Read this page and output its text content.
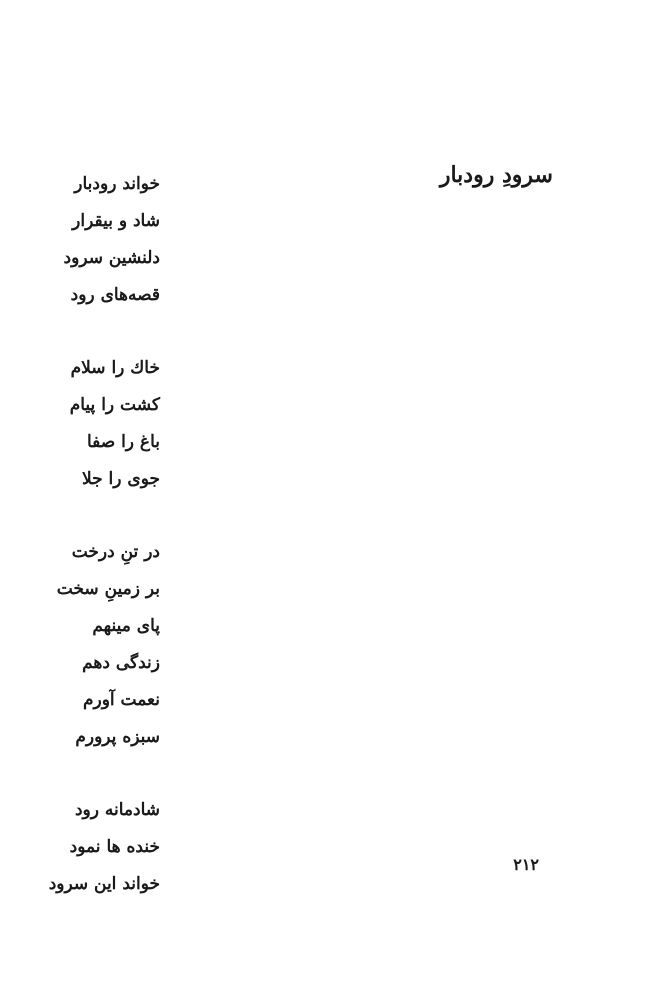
سرودِ رودبار
خواند رودبار
شاد و بیقرار
دلنشین سرود
قصه‌های رود
خاك را سلام
کشت را پیام
باغ را صفا
جوی را جلا
در تنِ درخت
بر زمینِ سخت
پای مینهم
زندگی دهم
نعمت آورم
سبزه پرورم
شادمانه رود
خنده ها نمود
خواند این سرود
۲۱۲
